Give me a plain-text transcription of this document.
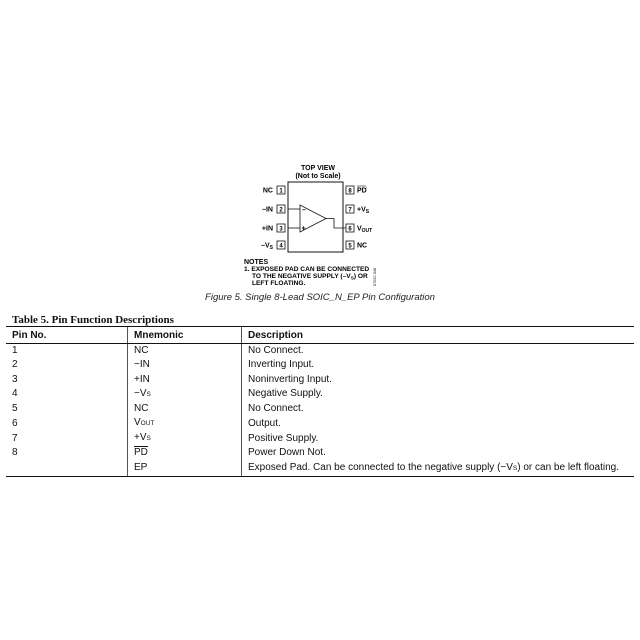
TOP VIEW
(Not to Scale)
1
2
3
4
NC
–IN
+IN
$-V_S$
8
7
6
5
PD
$+V_S$
$V_{OUT}$
NC
–
+
NOTES
1. EXPOSED PAD CAN BE CONNECTED
TO THE NEGATIVE SUPPLY $(-V_S)$ OR
LEFT FLOATING.	07037-046
Figure 5. Single 8-Lead SOIC_N_EP Pin Configuration
Table 5. Pin Function Descriptions
Pin No.	Mnemonic	Description
1	NC	No Connect.
2	−IN	Inverting Input.
3	+IN	Noninverting Input.
4	−VS	Negative Supply.
5	NC	No Connect.
6	VOUT	Output.
7	+VS	Positive Supply.
8	$\overline{PD}$	Power Down Not.
	EP	Exposed Pad. Can be connected to the negative supply (−VS) or can be left floating.
